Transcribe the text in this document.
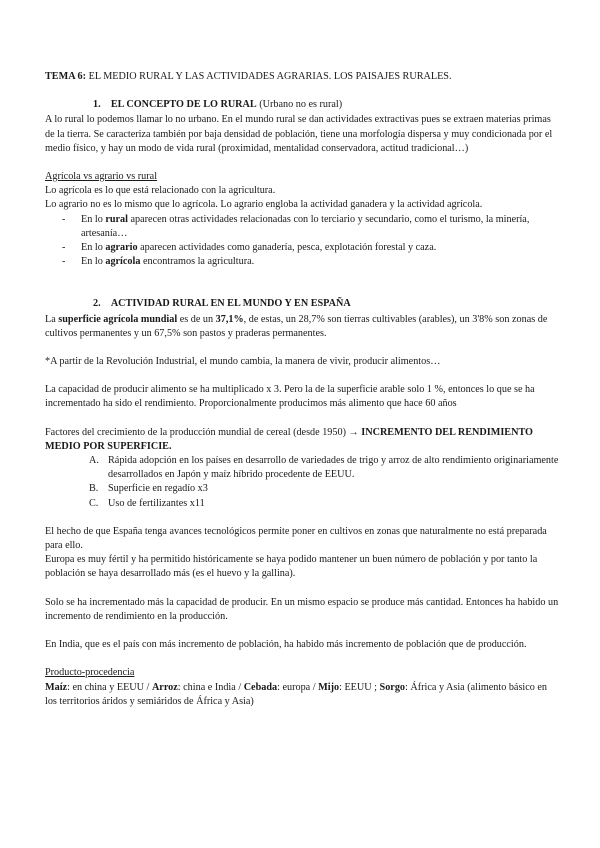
TEMA 6: EL MEDIO RURAL Y LAS ACTIVIDADES AGRARIAS. LOS PAISAJES RURALES.

1. EL CONCEPTO DE LO RURAL (Urbano no es rural)

A lo rural lo podemos llamar lo no urbano. En el mundo rural se dan actividades extractivas pues se extraen materias primas de la tierra. Se caracteriza también por baja densidad de población, tiene una morfología dispersa y muy condicionada por el medio físico, y hay un modo de vida rural (proximidad, mentalidad conservadora, actitud tradicional…)

Agrícola vs agrario vs rural

Lo agrícola es lo que está relacionado con la agricultura.

Lo agrario no es lo mismo que lo agrícola. Lo agrario engloba la actividad ganadera y la actividad agrícola.

-	En lo rural aparecen otras actividades relacionadas con lo terciario y secundario, como el turismo, la minería, artesanía…
-	En lo agrario aparecen actividades como ganadería, pesca, explotación forestal y caza.
-	En lo agrícola encontramos la agricultura.

2. ACTIVIDAD RURAL EN EL MUNDO Y EN ESPAÑA

La superficie agrícola mundial es de un 37,1%, de estas, un 28,7% son tierras cultivables (arables), un 3'8% son zonas de cultivos permanentes y un 67,5% son pastos y praderas permanentes.

*A partir de la Revolución Industrial, el mundo cambia, la manera de vivir, producir alimentos…

La capacidad de producir alimento se ha multiplicado x 3. Pero la de la superficie arable solo 1 %, entonces lo que se ha incrementado ha sido el rendimiento. Proporcionalmente producimos más alimento que hace 60 años

Factores del crecimiento de la producción mundial de cereal (desde 1950) → INCREMENTO DEL RENDIMIENTO MEDIO POR SUPERFICIE.

A. Rápida adopción en los países en desarrollo de variedades de trigo y arroz de alto rendimiento originariamente desarrollados en Japón y maíz híbrido procedente de EEUU.
B. Superficie en regadío x3
C. Uso de fertilizantes x11

El hecho de que España tenga avances tecnológicos permite poner en cultivos en zonas que naturalmente no está preparada para ello.

Europa es muy fértil y ha permitido históricamente se haya podido mantener un buen número de población y por tanto la población se haya desarrollado más (es el huevo y la gallina).

Solo se ha incrementado más la capacidad de producir. En un mismo espacio se produce más cantidad. Entonces ha habido un incremento de rendimiento en la producción.

En India, que es el país con más incremento de población, ha habido más incremento de población que de producción.

Producto-procedencia

Maíz: en china y EEUU / Arroz: china e India / Cebada: europa / Mijo: EEUU ; Sorgo: África y Asia (alimento básico en los territorios áridos y semiáridos de África y Asia)
